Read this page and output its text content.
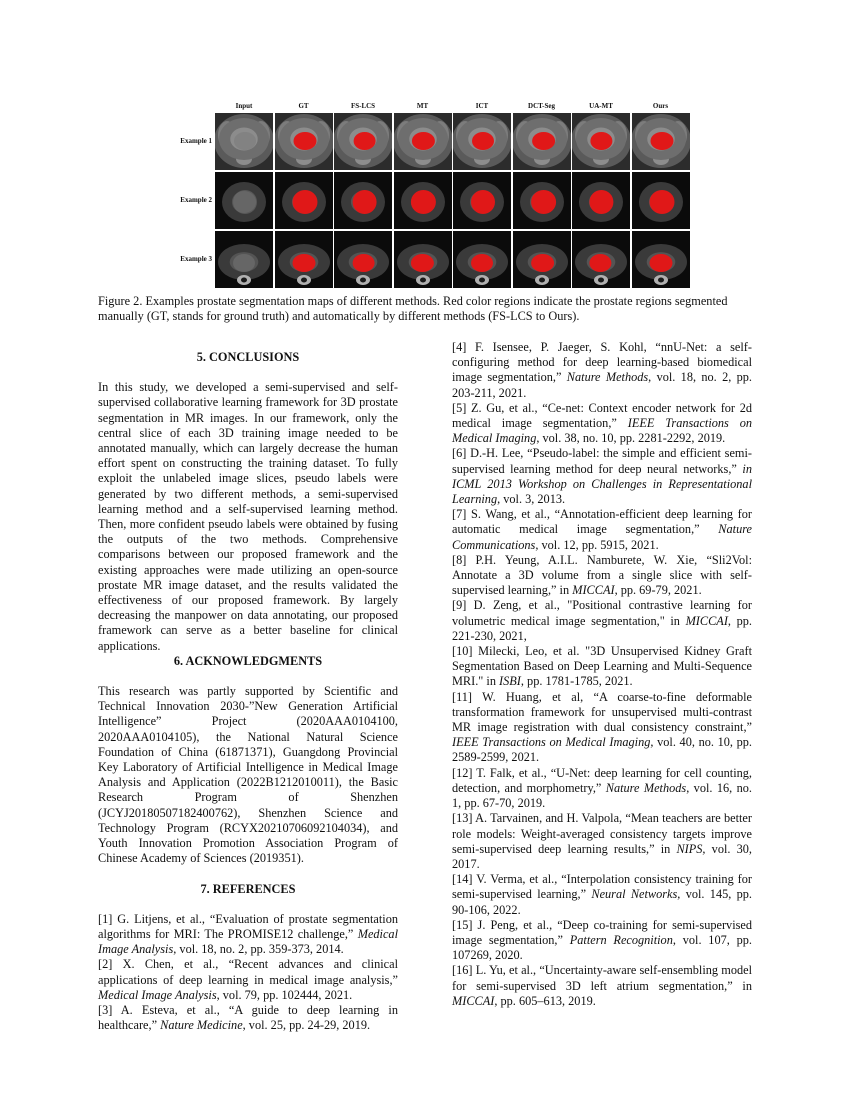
Input	GT	FS-LCS	MT	ICT	DCT-Seg	UA-MT	Ours
Example 1
Example 2
Example 3
Figure 2. Examples prostate segmentation maps of different methods. Red color regions indicate the prostate regions segmented manually (GT, stands for ground truth) and automatically by different methods (FS-LCS to Ours).

5. CONCLUSIONS

In this study, we developed a semi-supervised and self-supervised collaborative learning framework for 3D prostate segmentation in MR images. In our framework, only the central slice of each 3D training image needed to be annotated manually, which can largely decrease the human effort spent on constructing the training dataset. To fully exploit the unlabeled image slices, pseudo labels were generated by two different methods, a semi-supervised learning method and a self-supervised learning method. Then, more confident pseudo labels were obtained by fusing the outputs of the two methods. Comprehensive comparisons between our proposed framework and the existing approaches were made utilizing an open-source prostate MR image dataset, and the results validated the effectiveness of our proposed framework. By largely decreasing the manpower on data annotating, our proposed framework can serve as a better baseline for clinical applications.

6. ACKNOWLEDGMENTS

This research was partly supported by Scientific and Technical Innovation 2030-”New Generation Artificial Intelligence” Project (2020AAA0104100, 2020AAA0104105), the National Natural Science Foundation of China (61871371), Guangdong Provincial Key Laboratory of Artificial Intelligence in Medical Image Analysis and Application (2022B1212010011), the Basic Research Program of Shenzhen (JCYJ20180507182400762), Shenzhen Science and Technology Program (RCYX20210706092104034), and Youth Innovation Promotion Association Program of Chinese Academy of Sciences (2019351).

7. REFERENCES

[1] G. Litjens, et al., “Evaluation of prostate segmentation algorithms for MRI: The PROMISE12 challenge,” Medical Image Analysis, vol. 18, no. 2, pp. 359-373, 2014.

[2] X. Chen, et al., “Recent advances and clinical applications of deep learning in medical image analysis,” Medical Image Analysis, vol. 79, pp. 102444, 2021.

[3] A. Esteva, et al., “A guide to deep learning in healthcare,” Nature Medicine, vol. 25, pp. 24-29, 2019.

[4] F. Isensee, P. Jaeger, S. Kohl, “nnU-Net: a self-configuring method for deep learning-based biomedical image segmentation,” Nature Methods, vol. 18, no. 2, pp. 203-211, 2021.

[5] Z. Gu, et al., “Ce-net: Context encoder network for 2d medical image segmentation,” IEEE Transactions on Medical Imaging, vol. 38, no. 10, pp. 2281-2292, 2019.

[6] D.-H. Lee, “Pseudo-label: the simple and efficient semi-supervised learning method for deep neural networks,” in ICML 2013 Workshop on Challenges in Representational Learning, vol. 3, 2013.

[7] S. Wang, et al., “Annotation-efficient deep learning for automatic medical image segmentation,” Nature Communications, vol. 12, pp. 5915, 2021.

[8] P.H. Yeung, A.I.L. Namburete, W. Xie, “Sli2Vol: Annotate a 3D volume from a single slice with self-supervised learning,” in MICCAI, pp. 69-79, 2021.

[9] D. Zeng, et al., "Positional contrastive learning for volumetric medical image segmentation," in MICCAI, pp. 221-230, 2021,

[10] Milecki, Leo, et al. "3D Unsupervised Kidney Graft Segmentation Based on Deep Learning and Multi-Sequence MRI." in ISBI, pp. 1781-1785, 2021.

[11] W. Huang, et al, “A coarse-to-fine deformable transformation framework for unsupervised multi-contrast MR image registration with dual consistency constraint,” IEEE Transactions on Medical Imaging, vol. 40, no. 10, pp. 2589-2599, 2021.

[12] T. Falk, et al., “U-Net: deep learning for cell counting, detection, and morphometry,” Nature Methods, vol. 16, no. 1, pp. 67-70, 2019.

[13] A. Tarvainen, and H. Valpola, “Mean teachers are better role models: Weight-averaged consistency targets improve semi-supervised deep learning results,” in NIPS, vol. 30, 2017.

[14] V. Verma, et al., “Interpolation consistency training for semi-supervised learning,” Neural Networks, vol. 145, pp. 90-106, 2022.

[15] J. Peng, et al., “Deep co-training for semi-supervised image segmentation,” Pattern Recognition, vol. 107, pp. 107269, 2020.

[16] L. Yu, et al., “Uncertainty-aware self-ensembling model for semi-supervised 3D left atrium segmentation,” in MICCAI, pp. 605–613, 2019.
